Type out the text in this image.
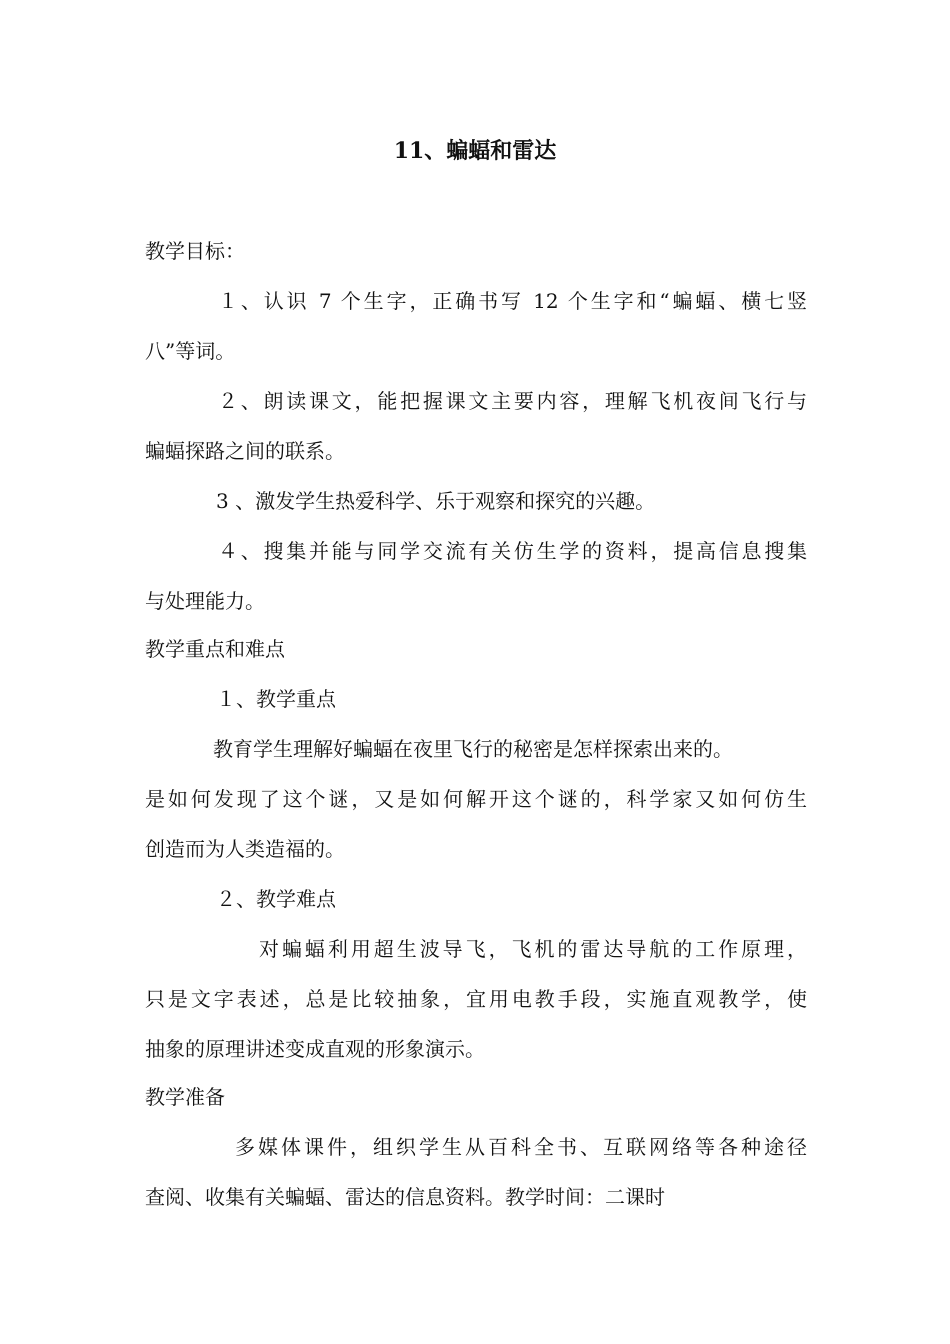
11、蝙蝠和雷达
教学目标：
１、认识 7 个生字，正确书写 12 个生字和“蝙蝠、横七竖
八”等词。
２、朗读课文，能把握课文主要内容，理解飞机夜间飞行与
蝙蝠探路之间的联系。
3 、激发学生热爱科学、乐于观察和探究的兴趣。
４、搜集并能与同学交流有关仿生学的资料，提高信息搜集
与处理能力。
教学重点和难点
１、教学重点
教育学生理解好蝙蝠在夜里飞行的秘密是怎样探索出来的。
是如何发现了这个谜，又是如何解开这个谜的，科学家又如何仿生
创造而为人类造福的。
２、教学难点
对蝙蝠利用超生波导飞，飞机的雷达导航的工作原理，
只是文字表述，总是比较抽象，宜用电教手段，实施直观教学，使
抽象的原理讲述变成直观的形象演示。
教学准备
多媒体课件，组织学生从百科全书、互联网络等各种途径
查阅、收集有关蝙蝠、雷达的信息资料。教学时间：二课时
